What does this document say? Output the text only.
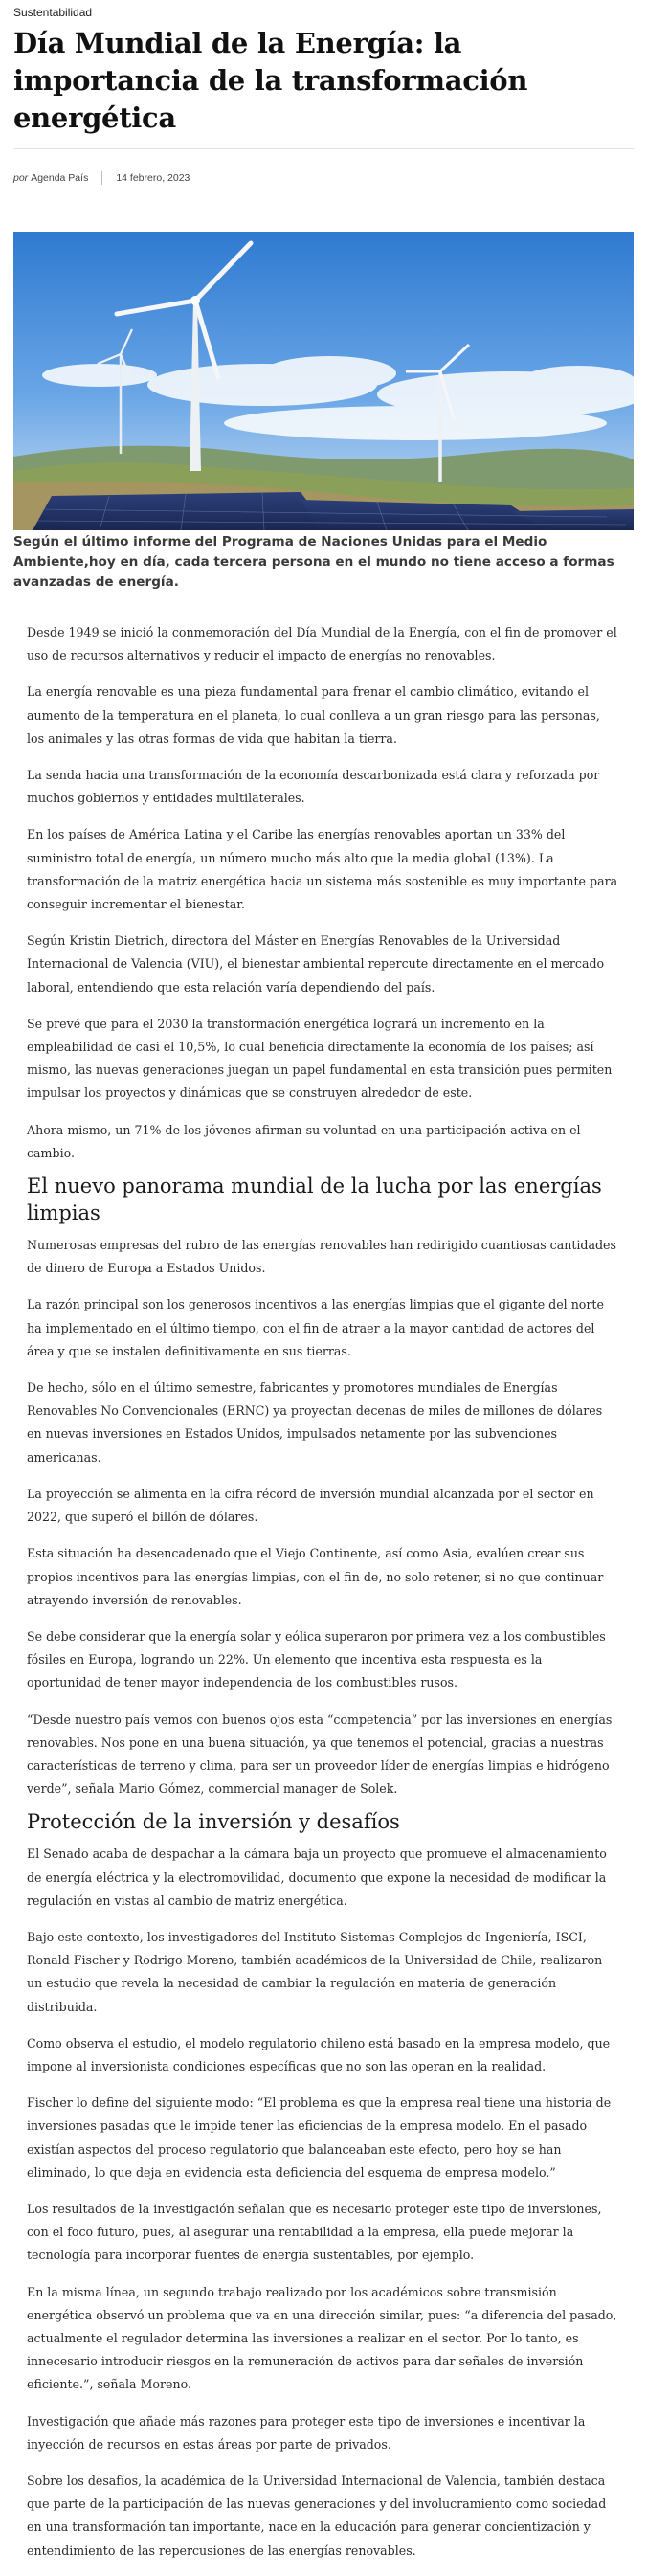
Sustentabilidad
Día Mundial de la Energía: la importancia de la transformación energética
por Agenda País	14 febrero, 2023

Según el último informe del Programa de Naciones Unidas para el Medio Ambiente,hoy en día, cada tercera persona en el mundo no tiene acceso a formas avanzadas de energía.

Desde 1949 se inició la conmemoración del Día Mundial de la Energía, con el fin de promover el uso de recursos alternativos y reducir el impacto de energías no renovables.

La energía renovable es una pieza fundamental para frenar el cambio climático, evitando el aumento de la temperatura en el planeta, lo cual conlleva a un gran riesgo para las personas, los animales y las otras formas de vida que habitan la tierra.

La senda hacia una transformación de la economía descarbonizada está clara y reforzada por muchos gobiernos y entidades multilaterales.

En los países de América Latina y el Caribe las energías renovables aportan un 33% del suministro total de energía, un número mucho más alto que la media global (13%). La transformación de la matriz energética hacia un sistema más sostenible es muy importante para conseguir incrementar el bienestar.

Según Kristin Dietrich, directora del Máster en Energías Renovables de la Universidad Internacional de Valencia (VIU), el bienestar ambiental repercute directamente en el mercado laboral, entendiendo que esta relación varía dependiendo del país.

Se prevé que para el 2030 la transformación energética logrará un incremento en la empleabilidad de casi el 10,5%, lo cual beneficia directamente la economía de los países; así mismo, las nuevas generaciones juegan un papel fundamental en esta transición pues permiten impulsar los proyectos y dinámicas que se construyen alrededor de este.

Ahora mismo, un 71% de los jóvenes afirman su voluntad en una participación activa en el cambio.

El nuevo panorama mundial de la lucha por las energías limpias

Numerosas empresas del rubro de las energías renovables han redirigido cuantiosas cantidades de dinero de Europa a Estados Unidos.

La razón principal son los generosos incentivos a las energías limpias que el gigante del norte ha implementado en el último tiempo, con el fin de atraer a la mayor cantidad de actores del área y que se instalen definitivamente en sus tierras.

De hecho, sólo en el último semestre, fabricantes y promotores mundiales de Energías Renovables No Convencionales (ERNC) ya proyectan decenas de miles de millones de dólares en nuevas inversiones en Estados Unidos, impulsados netamente por las subvenciones americanas.

La proyección se alimenta en la cifra récord de inversión mundial alcanzada por el sector en 2022, que superó el billón de dólares.

Esta situación ha desencadenado que el Viejo Continente, así como Asia, evalúen crear sus propios incentivos para las energías limpias, con el fin de, no solo retener, si no que continuar atrayendo inversión de renovables.

Se debe considerar que la energía solar y eólica superaron por primera vez a los combustibles fósiles en Europa, logrando un 22%. Un elemento que incentiva esta respuesta es la oportunidad de tener mayor independencia de los combustibles rusos.

“Desde nuestro país vemos con buenos ojos esta “competencia” por las inversiones en energías renovables. Nos pone en una buena situación, ya que tenemos el potencial, gracias a nuestras características de terreno y clima, para ser un proveedor líder de energías limpias e hidrógeno verde”, señala Mario Gómez, commercial manager de Solek.

Protección de la inversión y desafíos

El Senado acaba de despachar a la cámara baja un proyecto que promueve el almacenamiento de energía eléctrica y la electromovilidad, documento que expone la necesidad de modificar la regulación en vistas al cambio de matriz energética.

Bajo este contexto, los investigadores del Instituto Sistemas Complejos de Ingeniería, ISCI, Ronald Fischer y Rodrigo Moreno, también académicos de la Universidad de Chile, realizaron un estudio que revela la necesidad de cambiar la regulación en materia de generación distribuida.

Como observa el estudio, el modelo regulatorio chileno está basado en la empresa modelo, que impone al inversionista condiciones específicas que no son las operan en la realidad.

Fischer lo define del siguiente modo: “El problema es que la empresa real tiene una historia de inversiones pasadas que le impide tener las eficiencias de la empresa modelo. En el pasado existían aspectos del proceso regulatorio que balanceaban este efecto, pero hoy se han eliminado, lo que deja en evidencia esta deficiencia del esquema de empresa modelo.”

Los resultados de la investigación señalan que es necesario proteger este tipo de inversiones, con el foco futuro, pues, al asegurar una rentabilidad a la empresa, ella puede mejorar la tecnología para incorporar fuentes de energía sustentables, por ejemplo.

En la misma línea, un segundo trabajo realizado por los académicos sobre transmisión energética observó un problema que va en una dirección similar, pues: “a diferencia del pasado, actualmente el regulador determina las inversiones a realizar en el sector. Por lo tanto, es innecesario introducir riesgos en la remuneración de activos para dar señales de inversión eficiente.”, señala Moreno.

Investigación que añade más razones para proteger este tipo de inversiones e incentivar la inyección de recursos en estas áreas por parte de privados.

Sobre los desafíos, la académica de la Universidad Internacional de Valencia, también destaca que parte de la participación de las nuevas generaciones y del involucramiento como sociedad en una transformación tan importante, nace en la educación para generar concientización y entendimiento de las repercusiones de las energías renovables.
